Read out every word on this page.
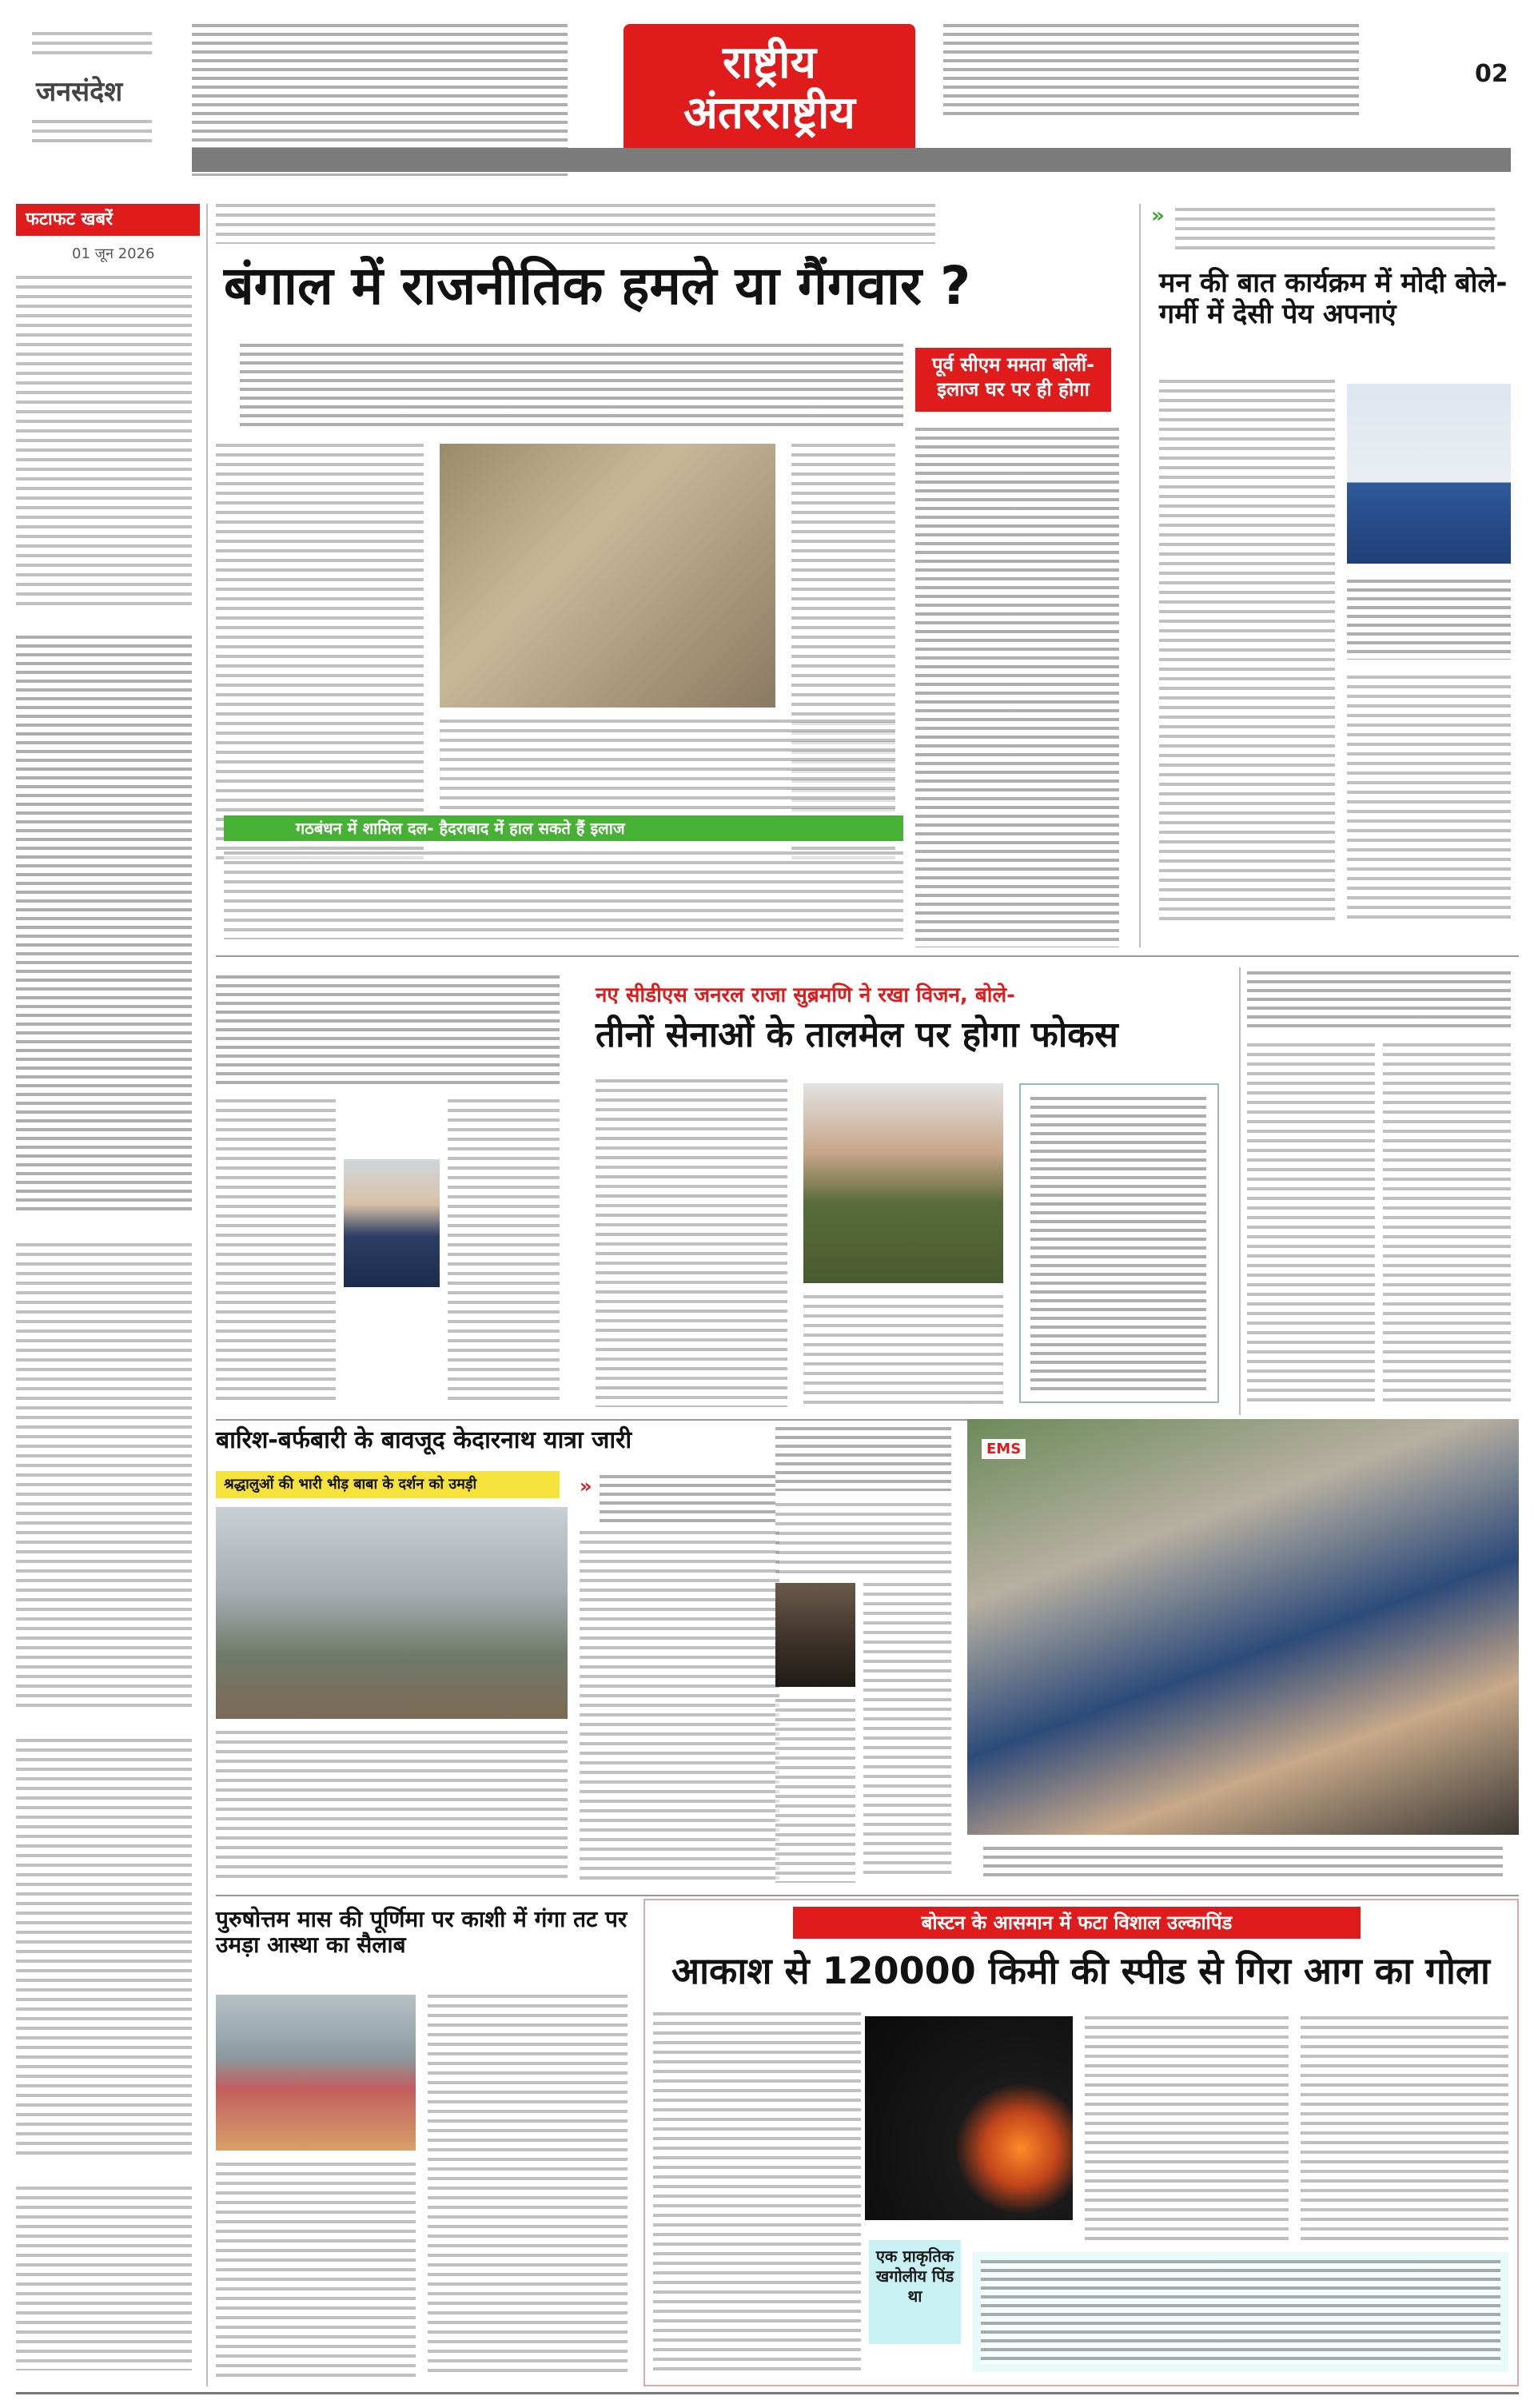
जनसंदेश
राष्ट्रीय
अंतरराष्ट्रीय
02
फटाफट खबरें
01 जून 2026
बंगाल में राजनीतिक हमले या गैंगवार ?
पूर्व सीएम ममता बोलीं- इलाज घर पर ही होगा
गठबंधन में शामिल दल- हैदराबाद में हाल सकते हैं इलाज
»
मन की बात कार्यक्रम में मोदी बोले- गर्मी में देसी पेय अपनाएं
नए सीडीएस जनरल राजा सुब्रमणि ने रखा विजन, बोले-
तीनों सेनाओं के तालमेल पर होगा फोकस
बारिश-बर्फबारी के बावजूद केदारनाथ यात्रा जारी
श्रद्धालुओं की भारी भीड़ बाबा के दर्शन को उमड़ी	»
EMS
पुरुषोत्तम मास की पूर्णिमा पर काशी में गंगा तट पर उमड़ा आस्था का सैलाब
बोस्टन के आसमान में फटा विशाल उल्कापिंड
आकाश से 120000 किमी की स्पीड से गिरा आग का गोला
एक प्राकृतिक खगोलीय पिंड था
